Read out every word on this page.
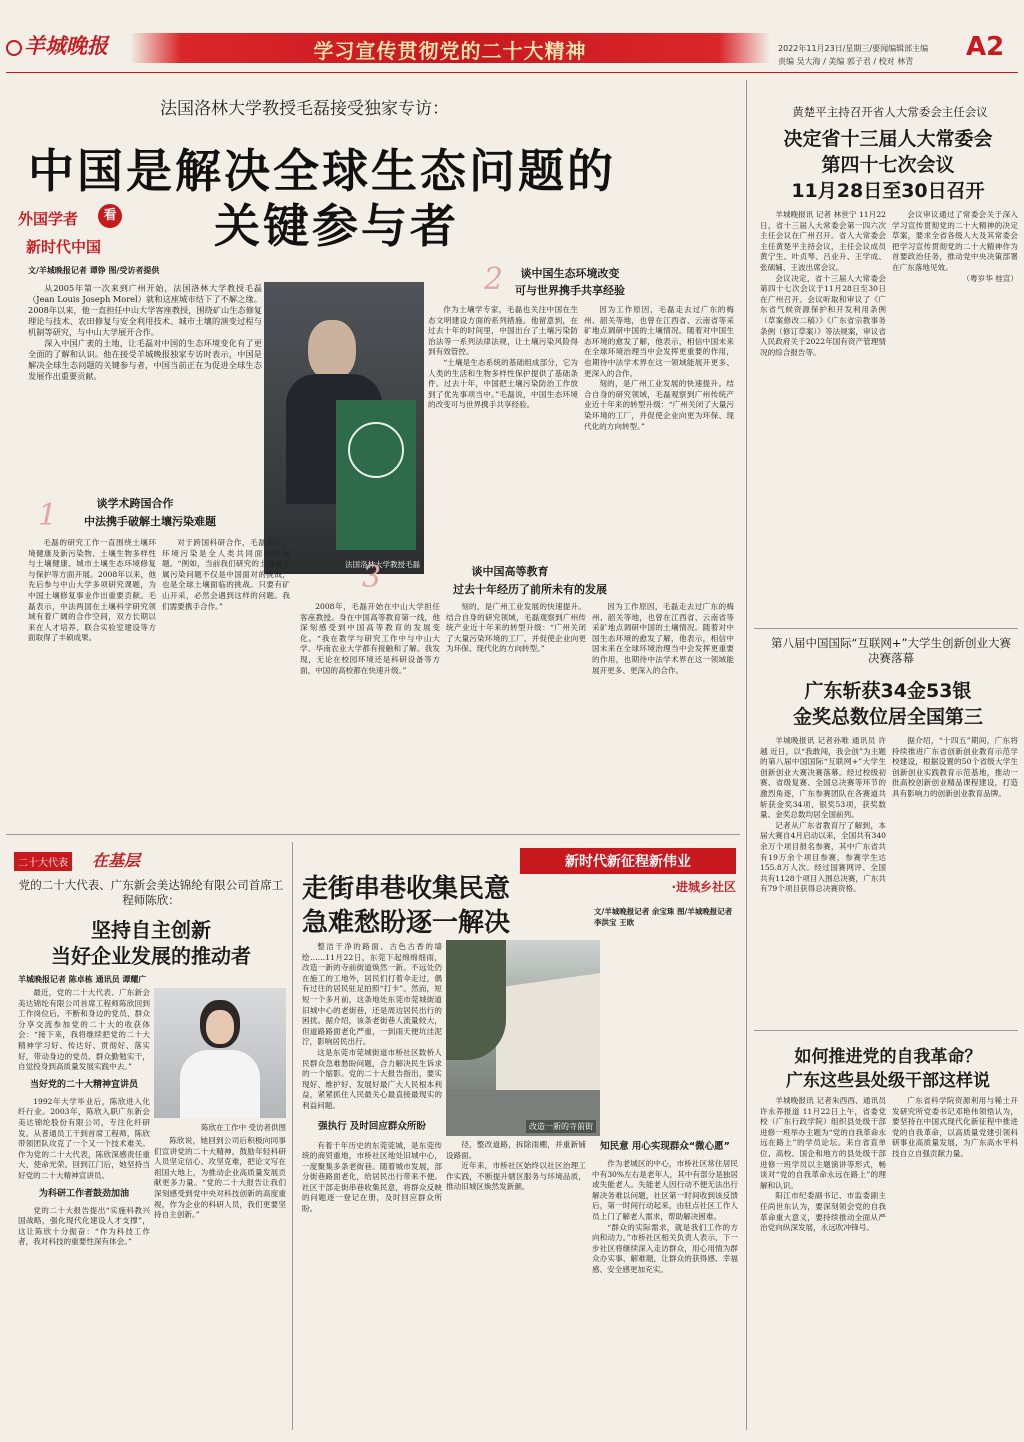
羊城晚报	学习宣传贯彻党的二十大精神	2022年11月23日/星期三/要闻编辑部主编
责编 吴大海 / 美编 郭子君 / 校对 林青	A2
法国洛林大学教授毛磊接受独家专访：
中国是解决全球生态问题的
关键参与者
外国学者	看
新时代中国
文/羊城晚报记者 谭铮 图/受访者提供

从2005年第一次来到广州开始，法国洛林大学教授毛磊（Jean Louis Joseph Morel）就和这座城市结下了不解之缘。2008年以来，他一直担任中山大学客座教授，围绕矿山生态修复理论与技术、农田修复与安全利用技术、城市土壤的演变过程与机制等研究，与中山大学展开合作。

深入中国广袤的土地，让毛磊对中国的生态环境变化有了更全面的了解和认识。他在接受羊城晚报独家专访时表示，中国是解决全球生态问题的关键参与者，中国当前正在为促进全球生态发展作出重要贡献。

法国洛林大学教授毛磊
2	谈中国生态环境改变
可与世界携手共享经验

作为土壤学专家，毛磊也关注中国在生态文明建设方面的系列措施。他留意到，在过去十年的时间里，中国出台了土壤污染防治法等一系列法律法规，让土壤污染风险得到有效管控。

“土壤是生态系统的基础组成部分，它为人类的生活和生物多样性保护提供了基础条件。过去十年，中国把土壤污染防治工作放到了优先事项当中。”毛磊说，中国生态环境的改变可与世界携手共享经验。

因为工作原因，毛磊走去过广东的梅州、韶关等地，也曾在江西省、云南省等采矿地点调研中国的土壤情况。随着对中国生态环境的愈发了解，他表示，相信中国未来在全球环境治理当中会发挥更重要的作用，也期待中法学术界在这一领域能展开更多、更深入的合作。

刻的，是广州工业发展的快速提升。结合自身的研究领域，毛磊观察到广州传统产业近十年来的转型升级：“广州关闭了大量污染环境的工厂，并促使企业向更为环保、现代化的方向转型。”

1	谈学术跨国合作
中法携手破解土壤污染难题

毛磊的研究工作一直围绕土壤环境健康及新污染物、土壤生物多样性与土壤健康、城市土壤生态环境修复与保护等方面开展。2008年以来，他先后参与中山大学多项研究课题，为中国土壤修复事业作出重要贡献。毛磊表示，中法两国在土壤科学研究领域有着广阔的合作空间，双方长期以来在人才培养、联合实验室建设等方面取得了丰硕成果。

对于跨国科研合作，毛磊表示，环境污染是全人类共同面临的问题。“例如，当前我们研究的土壤重金属污染问题不仅是中国面对的挑战，也是全球土壤面临的挑战。只要有矿山开采，必然会遇到这样的问题。我们需要携手合作。”

3	谈中国高等教育
过去十年经历了前所未有的发展

2008年，毛磊开始在中山大学担任客座教授。身在中国高等教育第一线，他深刻感受到中国高等教育的发展变化。“我在教学与研究工作中与中山大学、华南农业大学都有接触和了解。我发现，无论在校园环境还是科研设备等方面，中国的高校都在快速升级。”

刻的，是广州工业发展的快速提升。结合自身的研究领域，毛磊观察到广州传统产业近十年来的转型升级：“广州关闭了大量污染环境的工厂，并促使企业向更为环保、现代化的方向转型。”

因为工作原因，毛磊走去过广东的梅州、韶关等地，也曾在江西省、云南省等采矿地点调研中国的土壤情况。随着对中国生态环境的愈发了解，他表示，相信中国未来在全球环境治理当中会发挥更重要的作用，也期待中法学术界在这一领域能展开更多、更深入的合作。

黄楚平主持召开省人大常委会主任会议
决定省十三届人大常委会
第四十七次会议
11月28日至30日召开

羊城晚报讯 记者 林世宁 11月22日，省十三届人大常委会第一四六次主任会议在广州召开。省人大常委会主任黄楚平主持会议，主任会议成员黄宁生、叶贞琴、吕业升、王学成、张硕辅、王波出席会议。

会议决定，省十三届人大常委会第四十七次会议于11月28日至30日在广州召开。会议听取和审议了《广东省气候资源保护和开发利用条例（草案修改二稿）》《广东省宗教事务条例（修订草案）》等法规案，审议省人民政府关于2022年国有资产管理情况的综合报告等。

会议审议通过了常委会关于深入学习宣传贯彻党的二十大精神的决定草案，要求全省各级人大及其常委会把学习宣传贯彻党的二十大精神作为首要政治任务，推动党中央决策部署在广东落地见效。

（粤岁华 桂宣）

第八届中国国际“互联网+”大学生创新创业大赛决赛落幕
广东斩获34金53银
金奖总数位居全国第三

羊城晚报讯 记者孙唯 通讯员 许 越 近日，以“我敢闯，我会创”为主题的第八届中国国际“互联网+”大学生创新创业大赛决赛落幕。经过校级初赛、省级复赛、全国总决赛等环节的激烈角逐，广东参赛团队在各赛道共斩获金奖34项、银奖53项，获奖数量、金奖总数均居全国前列。

记者从广东省教育厅了解到，本届大赛自4月启动以来，全国共有340余万个项目报名参赛，其中广东省共有19万余个项目参赛，参赛学生达155.8万人次。经过国赛网评、全国共有1128个项目入围总决赛，广东共有79个项目获得总决赛资格。

据介绍，“十四五”期间，广东将持续推进广东省创新创业教育示范学校建设，根据设置的50个省级大学生创新创业实践教育示范基地，推动一批高校创新创业精品课程建设，打造具有影响力的创新创业教育品牌。

如何推进党的自我革命？
广东这些县处级干部这样说

羊城晚报讯 记者朱西西、通讯员许永养报道 11月22日上午，省委党校（广东行政学院）组织县处级干部进修一班举办主题为“党的自我革命永远在路上”的学员论坛。来自省直单位、高校、国企和地方的县处级干部进修一班学员以主题演讲等形式，畅谈对“党的自我革命永远在路上”的理解和认识。

阳江市纪委副书记、市监委副主任尚世东认为，要深刻领会党的自我革命重大意义，要持续推动全面从严治党向纵深发展，永远吹冲锋号。

广东省科学院资源利用与稀土开发研究所党委书记邓艳伟领悟认为，要坚持在中国式现代化新征程中推进党的自我革命，以高质量党建引领科研事业高质量发展，为广东高水平科技自立自强贡献力量。

二十大代表 在基层
党的二十大代表、广东新会美达锦纶有限公司首席工程师陈欣：
坚持自主创新
当好企业发展的推动者
羊城晚报记者 陈卓栋 通讯员 谭耀广

最近，党的二十大代表、广东新会美达锦纶有限公司首席工程师陈欣回到工作岗位后，不断和身边的党员、群众分享交流参加党的二十大的收获体会：“接下来，我将继续把党的二十大精神学习好、传达好、贯彻好、落实好，带动身边的党员、群众勤勉实干，自觉投身到高质量发展实践中去。”

当好党的二十大精神宣讲员

1992年大学毕业后，陈欣进入化纤行业。2003年，陈欣入职广东新会美达锦纶股份有限公司，专注化纤研发。从普通员工干到首席工程师，陈欣带领团队攻克了一个又一个技术难关。作为党的二十大代表，陈欣深感责任重大、使命光荣。回到江门后，她坚持当好党的二十大精神宣讲员。

为科研工作者鼓劲加油

党的二十大报告提出“实施科教兴国战略，强化现代化建设人才支撑”，这让陈欣十分振奋：“作为科技工作者，我对科技的重要性深有体会。”

陈欣在工作中 受访者供图

陈欣说，她回到公司后积极向同事们宣讲党的二十大精神，鼓励年轻科研人员坚定信心、攻坚克难，把论文写在祖国大地上，为推动企业高质量发展贡献更多力量。“党的二十大报告让我们深刻感受到党中央对科技创新的高度重视，作为企业的科研人员，我们更要坚持自主创新。”

新时代新征程新伟业
·进城乡社区
走街串巷收集民意
急难愁盼逐一解决	文/羊城晚报记者 余宝珠 图/羊城晚报记者 李洪宝 王欧

整洁干净的路面、古色古香的墙绘……11月22日，东莞下起绵绵细雨，改造一新的寺前街道焕然一新。不远处仍在施工的工地外，居民们打着伞走过，偶有过往的居民驻足拍照“打卡”。然而，短短一个多月前，这条地处东莞市莞城街道旧城中心的老街巷，还是周边居民出行的困扰。据介绍，该条老街巷人流量较大，但道路路面老化严重，一到雨天便坑洼泥泞，影响居民出行。

这是东莞市莞城街道市桥社区数桥人民群众急难愁盼问题，合力解决民生诉求的一个缩影。党的二十大报告指出，要实现好、维护好、发展好最广大人民根本利益，紧紧抓住人民最关心最直接最现实的利益问题。

强执行 及时回应群众所盼

有着千年历史的东莞莞城，是东莞传统的商贸重地，市桥社区地处旧城中心，一度聚集多条老街巷。随着城市发展，部分街巷路面老化，给居民出行带来不便。社区干部走街串巷收集民意，将群众反映的问题逐一登记在册，及时回应群众所盼。

改造一新的寺前街

径，整改道路，拆除雨棚，并重新铺设路面。

近年来，市桥社区始终以社区治理工作实践，不断提升辖区服务与环境品质，推动旧城区焕然发新颜。

知民意 用心实现群众“微心愿”

作为老城区的中心，市桥社区常住居民中有30%左右是老年人，其中有部分是独居或失能老人。失能老人因行动不便无法出行解决务难以问题，社区第一时间收到该反馈后，第一时间行动起来，由驻点社区工作人员上门了解老人需求，帮助解决困难。

“群众的实际需求，就是我们工作的方向和动力。”市桥社区相关负责人表示，下一步社区将继续深入走访群众，用心用情为群众办实事、解难题，让群众的获得感、幸福感、安全感更加充实。
